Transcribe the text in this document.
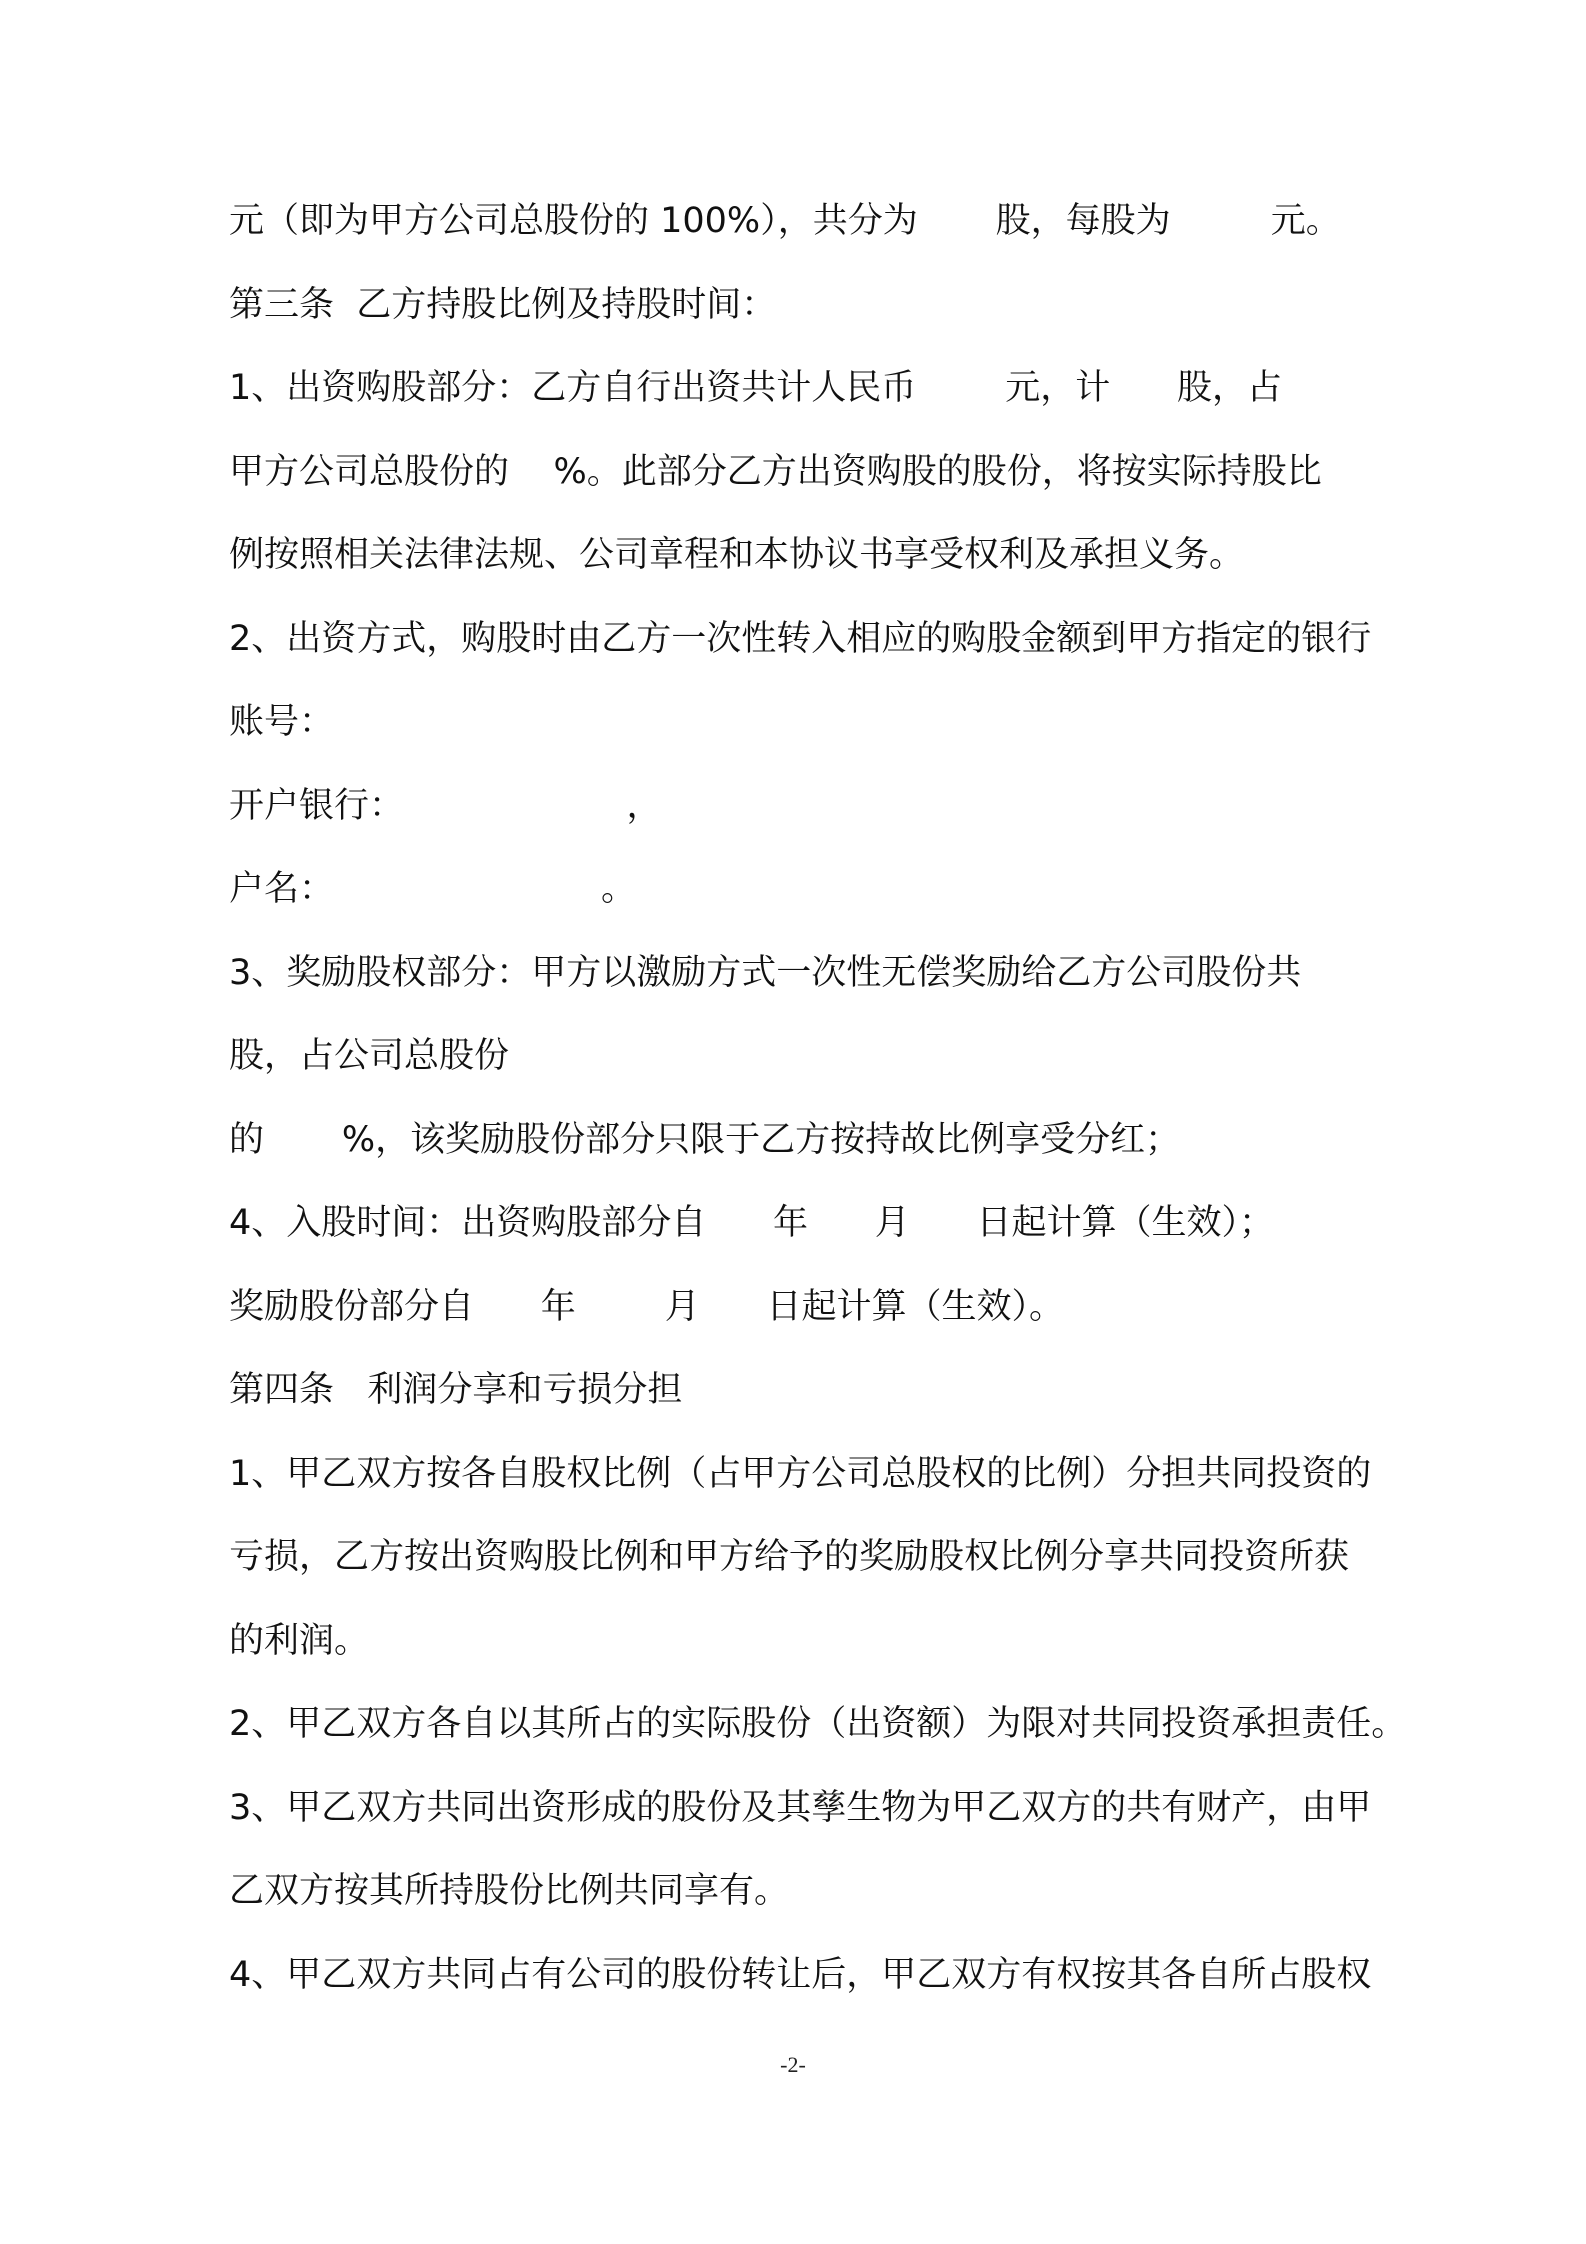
元（即为甲方公司总股份的 100%），共分为       股，每股为         元。
第三条  乙方持股比例及持股时间：
1、出资购股部分：乙方自行出资共计人民币        元，计      股，占
甲方公司总股份的    %。此部分乙方出资购股的股份，将按实际持股比
例按照相关法律法规、公司章程和本协议书享受权利及承担义务。
2、出资方式，购股时由乙方一次性转入相应的购股金额到甲方指定的银行
账号：
开户银行：                    ，
户名：                        。
3、奖励股权部分：甲方以激励方式一次性无偿奖励给乙方公司股份共
股，占公司总股份
的       %，该奖励股份部分只限于乙方按持故比例享受分红；
4、入股时间：出资购股部分自      年      月      日起计算（生效）；
奖励股份部分自      年        月      日起计算（生效）。
第四条   利润分享和亏损分担
1、甲乙双方按各自股权比例（占甲方公司总股权的比例）分担共同投资的
亏损，乙方按出资购股比例和甲方给予的奖励股权比例分享共同投资所获
的利润。
2、甲乙双方各自以其所占的实际股份（出资额）为限对共同投资承担责任。
3、甲乙双方共同出资形成的股份及其孳生物为甲乙双方的共有财产，由甲
乙双方按其所持股份比例共同享有。
4、甲乙双方共同占有公司的股份转让后，甲乙双方有权按其各自所占股权
-2-
